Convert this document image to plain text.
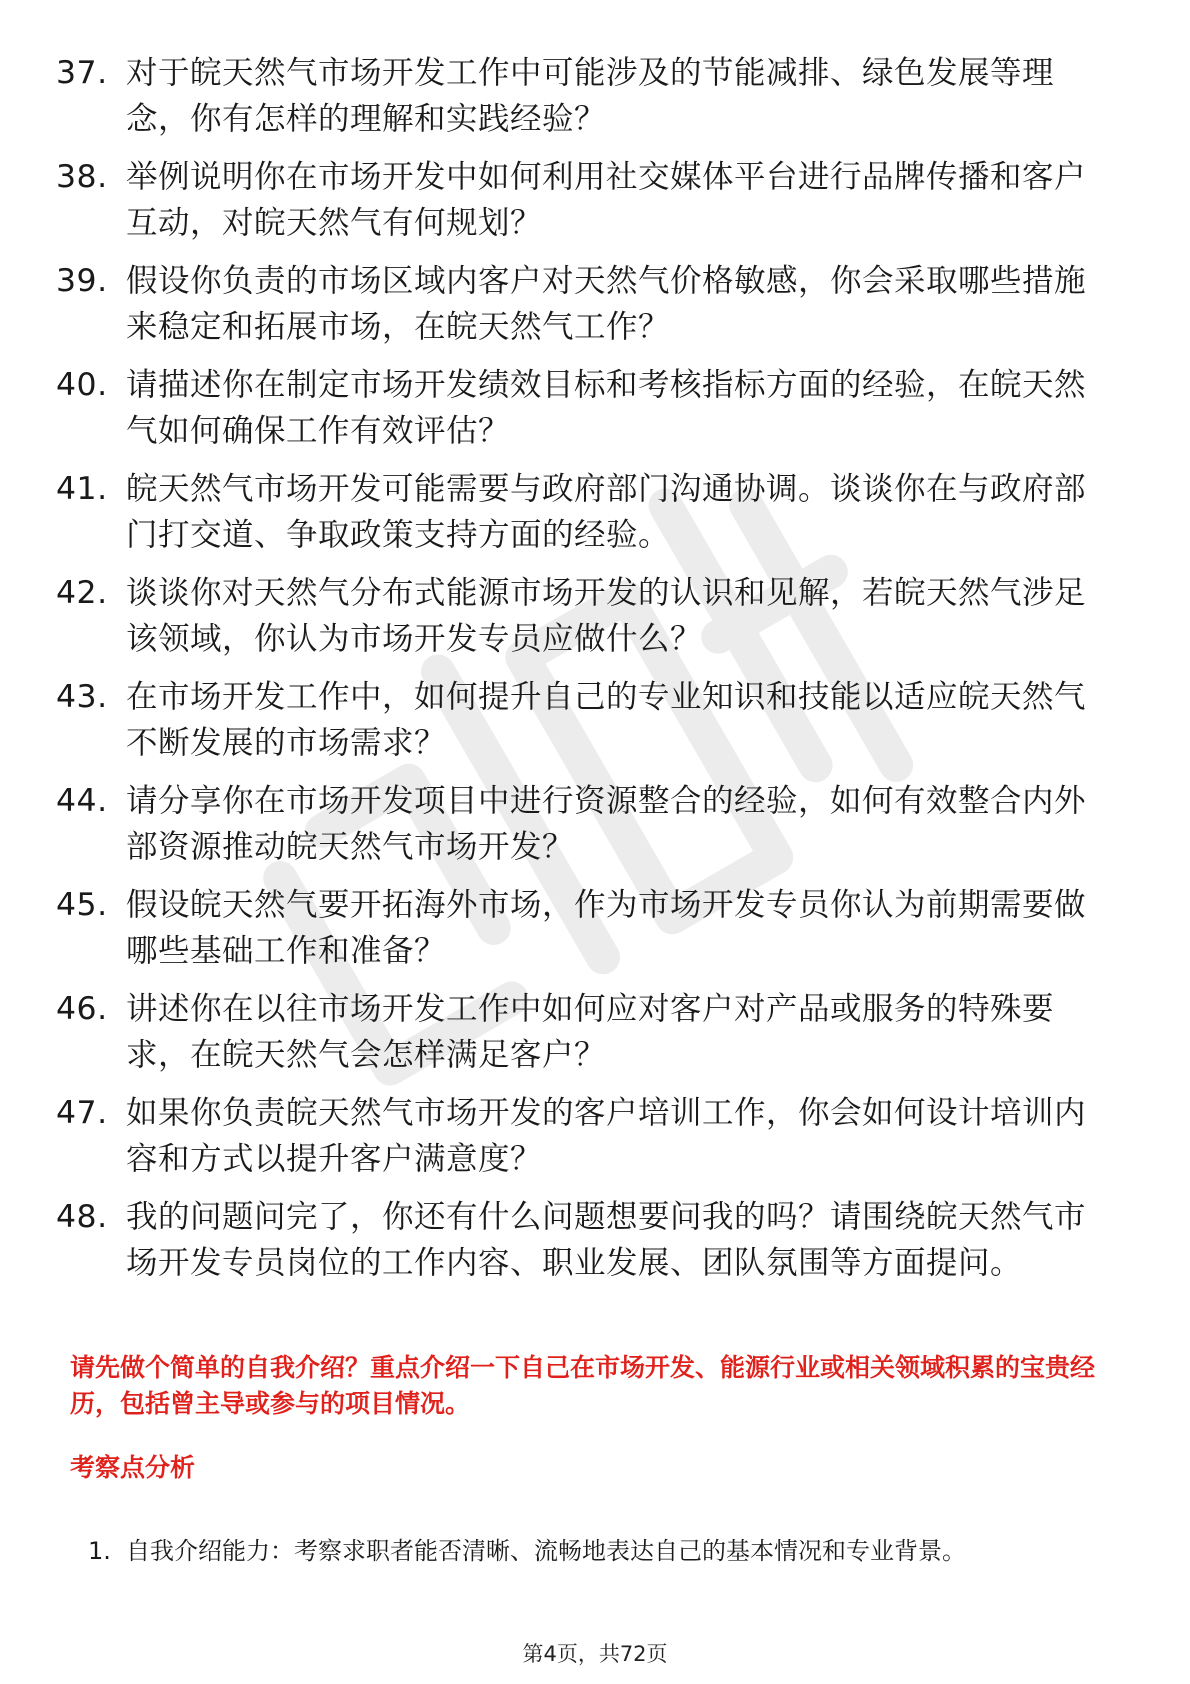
37. 对于皖天然气市场开发工作中可能涉及的节能减排、绿色发展等理念，你有怎样的理解和实践经验？
38. 举例说明你在市场开发中如何利用社交媒体平台进行品牌传播和客户互动，对皖天然气有何规划？
39. 假设你负责的市场区域内客户对天然气价格敏感，你会采取哪些措施来稳定和拓展市场，在皖天然气工作？
40. 请描述你在制定市场开发绩效目标和考核指标方面的经验，在皖天然气如何确保工作有效评估？
41. 皖天然气市场开发可能需要与政府部门沟通协调。谈谈你在与政府部门打交道、争取政策支持方面的经验。
42. 谈谈你对天然气分布式能源市场开发的认识和见解，若皖天然气涉足该领域，你认为市场开发专员应做什么？
43. 在市场开发工作中，如何提升自己的专业知识和技能以适应皖天然气不断发展的市场需求？
44. 请分享你在市场开发项目中进行资源整合的经验，如何有效整合内外部资源推动皖天然气市场开发？
45. 假设皖天然气要开拓海外市场，作为市场开发专员你认为前期需要做哪些基础工作和准备？
46. 讲述你在以往市场开发工作中如何应对客户对产品或服务的特殊要求，在皖天然气会怎样满足客户？
47. 如果你负责皖天然气市场开发的客户培训工作，你会如何设计培训内容和方式以提升客户满意度？
48. 我的问题问完了，你还有什么问题想要问我的吗？请围绕皖天然气市场开发专员岗位的工作内容、职业发展、团队氛围等方面提问。
请先做个简单的自我介绍？重点介绍一下自己在市场开发、能源行业或相关领域积累的宝贵经历，包括曾主导或参与的项目情况。
考察点分析
1. 自我介绍能力：考察求职者能否清晰、流畅地表达自己的基本情况和专业背景。
第4页，共72页
